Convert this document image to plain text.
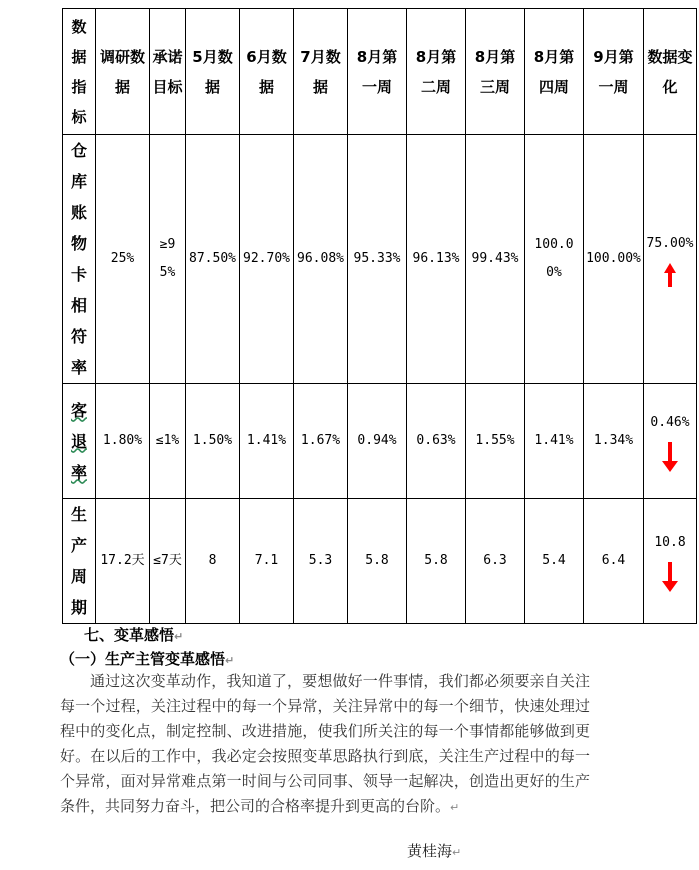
数据指标	调研数据	承诺目标	5月数据	6月数据	7月数据	8月第一周	8月第二周	8月第三周	8月第四周	9月第一周	数据变化
仓库账物卡相符率	25%	≥95%	87.50%	92.70%	96.08%	95.33%	96.13%	99.43%	100.00%	100.00%	75.00%

客退率	1.80%	≤1%	1.50%	1.41%	1.67%	0.94%	0.63%	1.55%	1.41%	1.34%	0.46%

生产周期	17.2天	≤7天	8	7.1	5.3	5.8	5.8	6.3	5.4	6.4	10.8
七、变革感悟↵
（一）生产主管变革感悟↵
通过这次变革动作，我知道了，要想做好一件事情，我们都必须要亲自关注每一个过程，关注过程中的每一个异常，关注异常中的每一个细节，快速处理过程中的变化点，制定控制、改进措施，使我们所关注的每一个事情都能够做到更好。在以后的工作中，我必定会按照变革思路执行到底，关注生产过程中的每一个异常，面对异常难点第一时间与公司同事、领导一起解决，创造出更好的生产条件，共同努力奋斗，把公司的合格率提升到更高的台阶。↵
黄桂海↵
